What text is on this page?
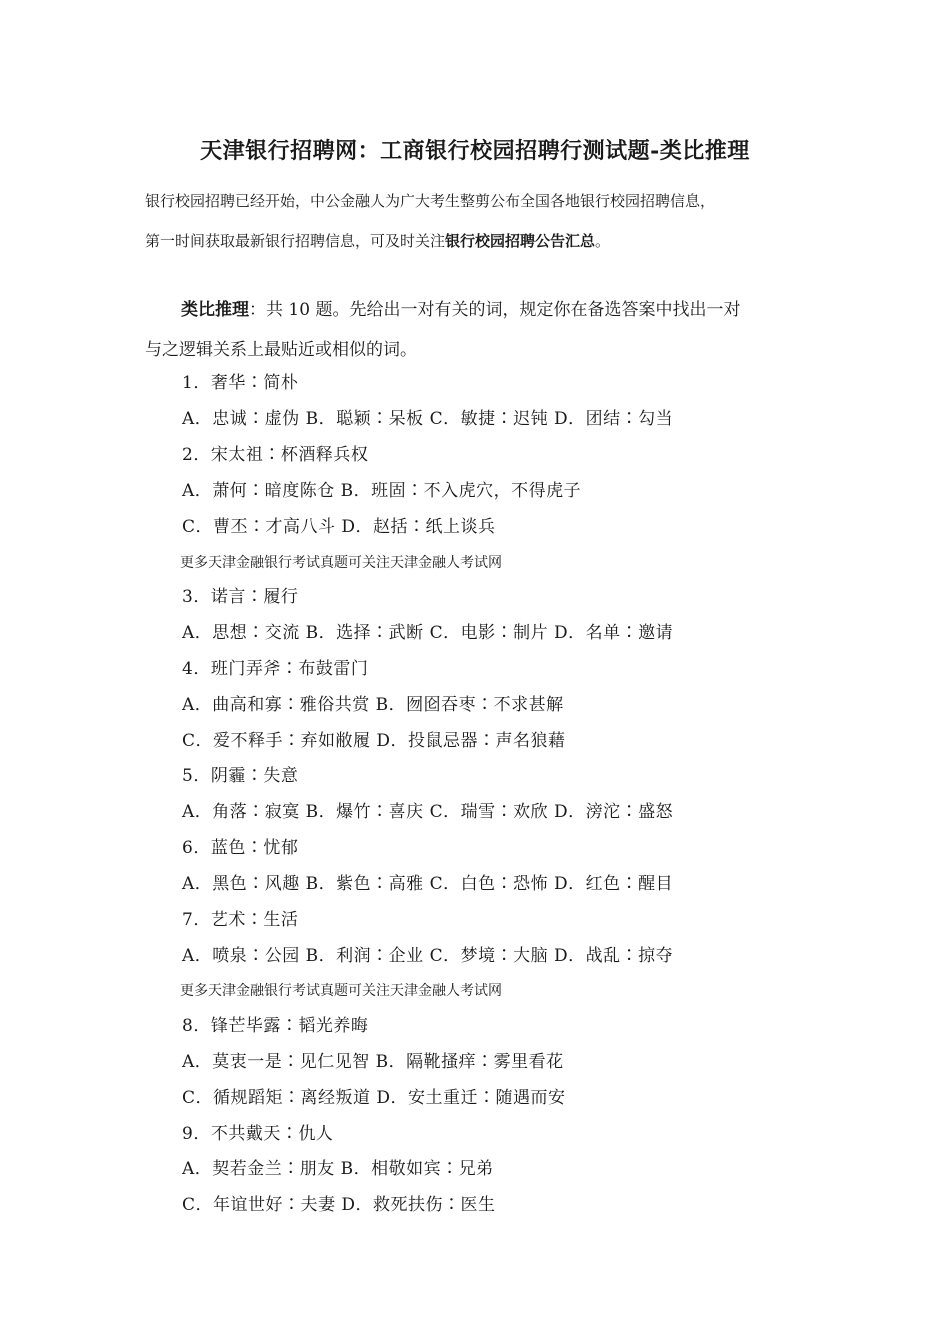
天津银行招聘网：工商银行校园招聘行测试题-类比推理
银行校园招聘已经开始，中公金融人为广大考生整剪公布全国各地银行校园招聘信息，
第一时间获取最新银行招聘信息，可及时关注银行校园招聘公告汇总。
类比推理：共 10 题。先给出一对有关的词，规定你在备选答案中找出一对
与之逻辑关系上最贴近或相似的词。
1．奢华∶简朴
A．忠诚∶虚伪 B．聪颖∶呆板 C．敏捷∶迟钝 D．团结∶勾当
2．宋太祖∶杯酒释兵权
A．萧何∶暗度陈仓 B．班固∶不入虎穴，不得虎子
C．曹丕∶才高八斗 D．赵括∶纸上谈兵
更多天津金融银行考试真题可关注天津金融人考试网
3．诺言∶履行
A．思想∶交流 B．选择∶武断 C．电影∶制片 D．名单∶邀请
4．班门弄斧∶布鼓雷门
A．曲高和寡∶雅俗共赏 B．囫囵吞枣∶不求甚解
C．爱不释手∶弃如敝履 D．投鼠忌器∶声名狼藉
5．阴霾∶失意
A．角落∶寂寞 B．爆竹∶喜庆 C．瑞雪∶欢欣 D．滂沱∶盛怒
6．蓝色∶忧郁
A．黑色∶风趣 B．紫色∶高雅 C．白色∶恐怖 D．红色∶醒目
7．艺术∶生活
A．喷泉∶公园 B．利润∶企业 C．梦境∶大脑 D．战乱∶掠夺
更多天津金融银行考试真题可关注天津金融人考试网
8．锋芒毕露∶韬光养晦
A．莫衷一是∶见仁见智 B．隔靴搔痒∶雾里看花
C．循规蹈矩∶离经叛道 D．安土重迁∶随遇而安
9．不共戴天∶仇人
A．契若金兰∶朋友 B．相敬如宾∶兄弟
C．年谊世好∶夫妻 D．救死扶伤∶医生
